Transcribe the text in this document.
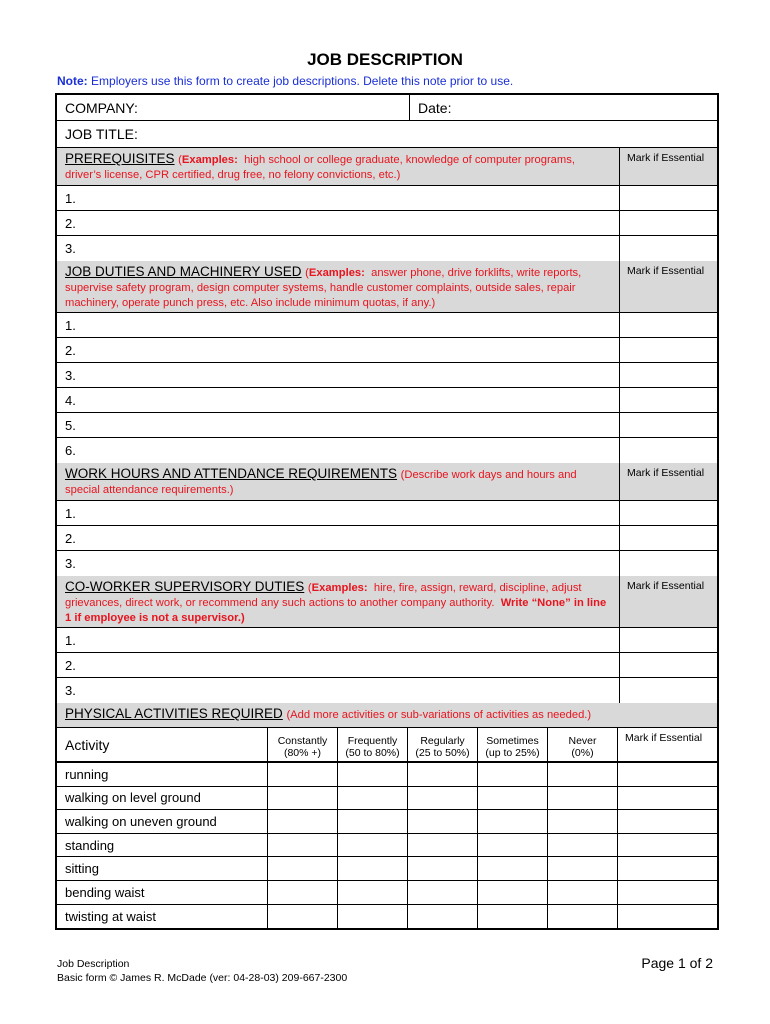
JOB DESCRIPTION
Note: Employers use this form to create job descriptions. Delete this note prior to use.
COMPANY:	Date:
JOB TITLE:
PREREQUISITES (Examples: high school or college graduate, knowledge of computer programs, driver’s license, CPR certified, drug free, no felony convictions, etc.)
Mark if Essential
1.
2.
3.
JOB DUTIES AND MACHINERY USED (Examples: answer phone, drive forklifts, write reports, supervise safety program, design computer systems, handle customer complaints, outside sales, repair machinery, operate punch press, etc. Also include minimum quotas, if any.)
Mark if Essential
1.
2.
3.
4.
5.
6.
WORK HOURS AND ATTENDANCE REQUIREMENTS (Describe work days and hours and special attendance requirements.)
Mark if Essential
1.
2.
3.
CO-WORKER SUPERVISORY DUTIES (Examples: hire, fire, assign, reward, discipline, adjust grievances, direct work, or recommend any such actions to another company authority. Write “None” in line 1 if employee is not a supervisor.)
Mark if Essential
1.
2.
3.
PHYSICAL ACTIVITIES REQUIRED (Add more activities or sub-variations of activities as needed.)
Activity	Constantly
(80% +)
Frequently
(50 to 80%)
Regularly
(25 to 50%)
Sometimes
(up to 25%)
Never
(0%)
Mark if Essential
running
walking on level ground
walking on uneven ground
standing
sitting
bending waist
twisting at waist
Job Description
Basic form © James R. McDade (ver: 04-28-03) 209-667-2300
Page 1 of 2
